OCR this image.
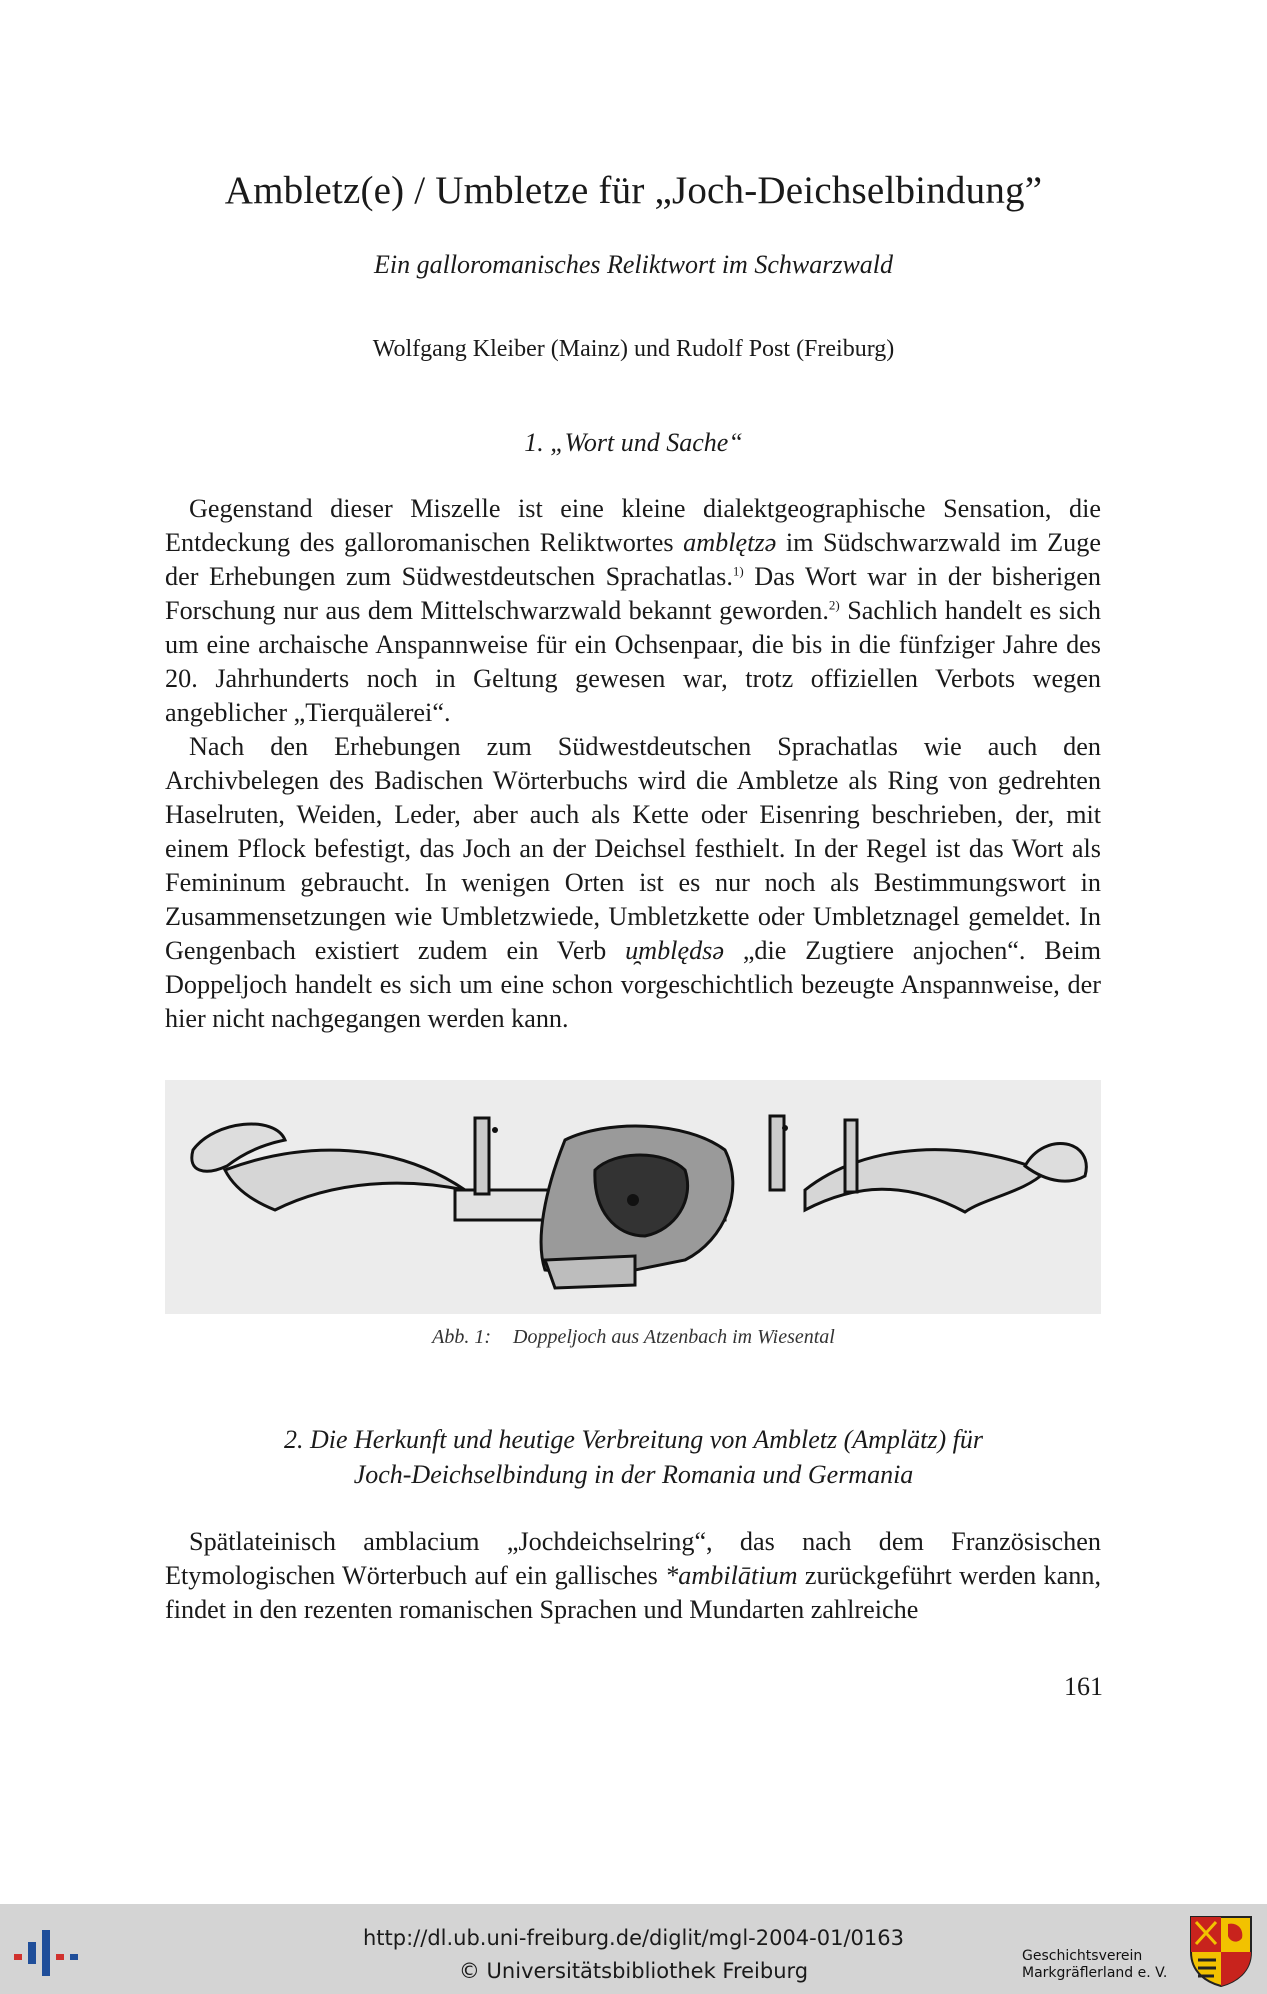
Ambletz(e) / Umbletze für „Joch-Deichselbindung”
Ein galloromanisches Reliktwort im Schwarzwald
Wolfgang Kleiber (Mainz) und Rudolf Post (Freiburg)
1. „Wort und Sache“

Gegenstand dieser Miszelle ist eine kleine dialektgeographische Sensation, die Entdeckung des galloromanischen Reliktwortes amblętzə im Südschwarzwald im Zuge der Erhebungen zum Südwestdeutschen Sprachatlas.$^{1)}$ Das Wort war in der bisherigen Forschung nur aus dem Mittelschwarzwald bekannt geworden.$^{2)}$ Sachlich handelt es sich um eine archaische Anspannweise für ein Ochsenpaar, die bis in die fünfziger Jahre des 20. Jahrhunderts noch in Geltung gewesen war, trotz offiziellen Verbots wegen angeblicher „Tierquälerei“.

Nach den Erhebungen zum Südwestdeutschen Sprachatlas wie auch den Archivbelegen des Badischen Wörterbuchs wird die Ambletze als Ring von gedrehten Haselruten, Weiden, Leder, aber auch als Kette oder Eisenring beschrieben, der, mit einem Pflock befestigt, das Joch an der Deichsel festhielt. In der Regel ist das Wort als Femininum gebraucht. In wenigen Orten ist es nur noch als Bestimmungswort in Zusammensetzungen wie Umbletzwiede, Umbletzkette oder Umbletznagel gemeldet. In Gengenbach existiert zudem ein Verb u̯mblędsə „die Zugtiere anjochen“. Beim Doppeljoch handelt es sich um eine schon vorgeschichtlich bezeugte Anspannweise, der hier nicht nachgegangen werden kann.

Abb. 1: Doppeljoch aus Atzenbach im Wiesental
2. Die Herkunft und heutige Verbreitung von Ambletz (Amplätz) für
Joch-Deichselbindung in der Romania und Germania

Spätlateinisch amblacium „Jochdeichselring“, das nach dem Französischen Etymologischen Wörterbuch auf ein gallisches *ambilātium zurückgeführt werden kann, findet in den rezenten romanischen Sprachen und Mundarten zahlreiche

161
http://dl.ub.uni-freiburg.de/diglit/mgl-2004-01/0163
© Universitätsbibliothek Freiburg
Geschichtsverein
Markgräflerland e. V.
